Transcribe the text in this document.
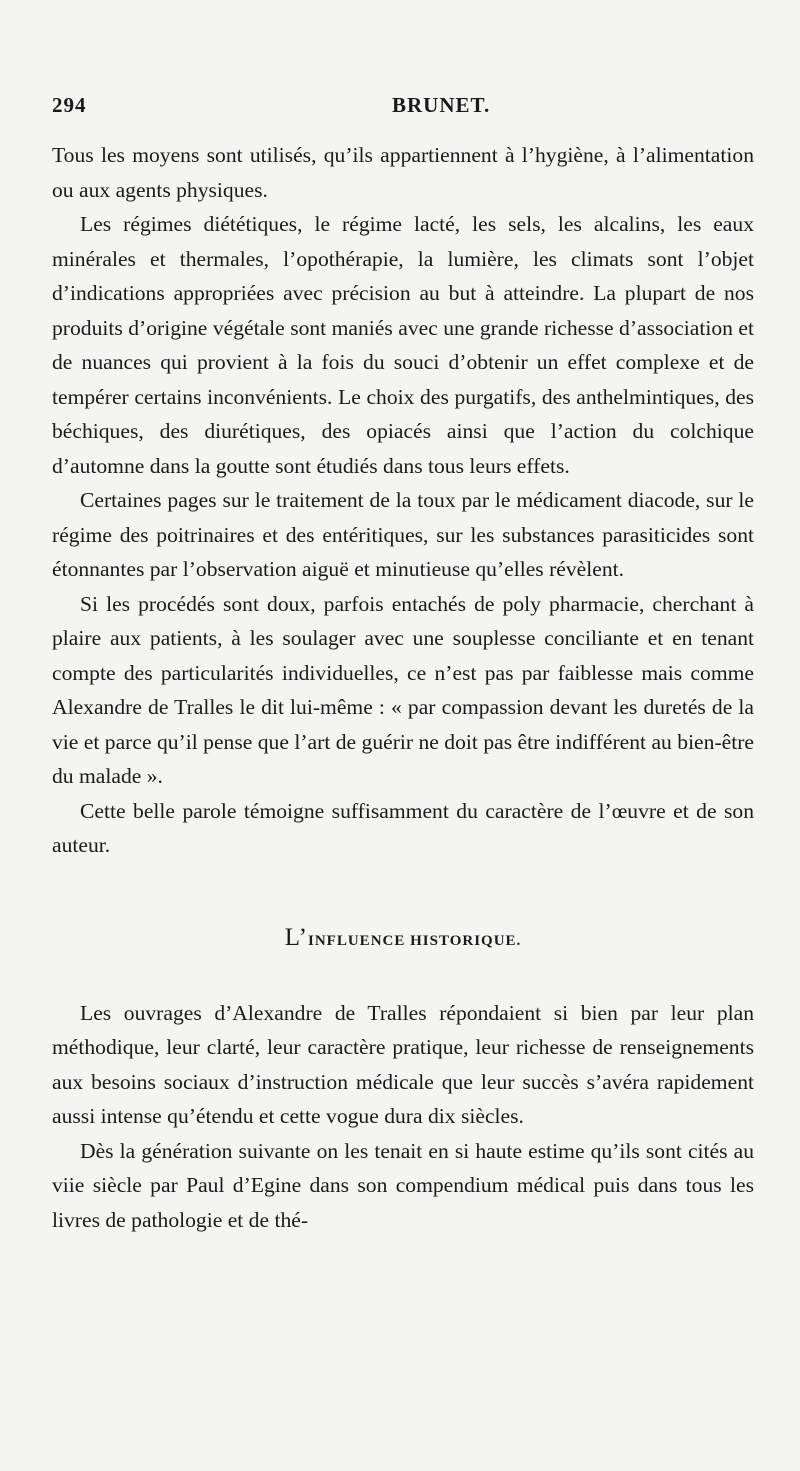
294	BRUNET.

Tous les moyens sont utilisés, qu’ils appartiennent à l’hygiène, à l’alimentation ou aux agents physiques.

Les régimes diététiques, le régime lacté, les sels, les alcalins, les eaux minérales et thermales, l’opothérapie, la lumière, les climats sont l’objet d’indications appropriées avec précision au but à atteindre. La plupart de nos produits d’origine végétale sont maniés avec une grande richesse d’association et de nuances qui provient à la fois du souci d’obtenir un effet complexe et de tempérer certains inconvénients. Le choix des purgatifs, des anthelmintiques, des béchiques, des diurétiques, des opiacés ainsi que l’action du colchique d’automne dans la goutte sont étudiés dans tous leurs effets.

Certaines pages sur le traitement de la toux par le médicament diacode, sur le régime des poitrinaires et des entéritiques, sur les substances parasiticides sont étonnantes par l’observation aiguë et minutieuse qu’elles révèlent.

Si les procédés sont doux, parfois entachés de poly pharmacie, cherchant à plaire aux patients, à les soulager avec une souplesse conciliante et en tenant compte des particularités individuelles, ce n’est pas par faiblesse mais comme Alexandre de Tralles le dit lui-même : « par compassion devant les duretés de la vie et parce qu’il pense que l’art de guérir ne doit pas être indifférent au bien-être du malade ».

Cette belle parole témoigne suffisamment du caractère de l’œuvre et de son auteur.

L’INFLUENCE HISTORIQUE.

Les ouvrages d’Alexandre de Tralles répondaient si bien par leur plan méthodique, leur clarté, leur caractère pratique, leur richesse de renseignements aux besoins sociaux d’instruction médicale que leur succès s’avéra rapidement aussi intense qu’étendu et cette vogue dura dix siècles.

Dès la génération suivante on les tenait en si haute estime qu’ils sont cités au viie siècle par Paul d’Egine dans son compendium médical puis dans tous les livres de pathologie et de thé-
